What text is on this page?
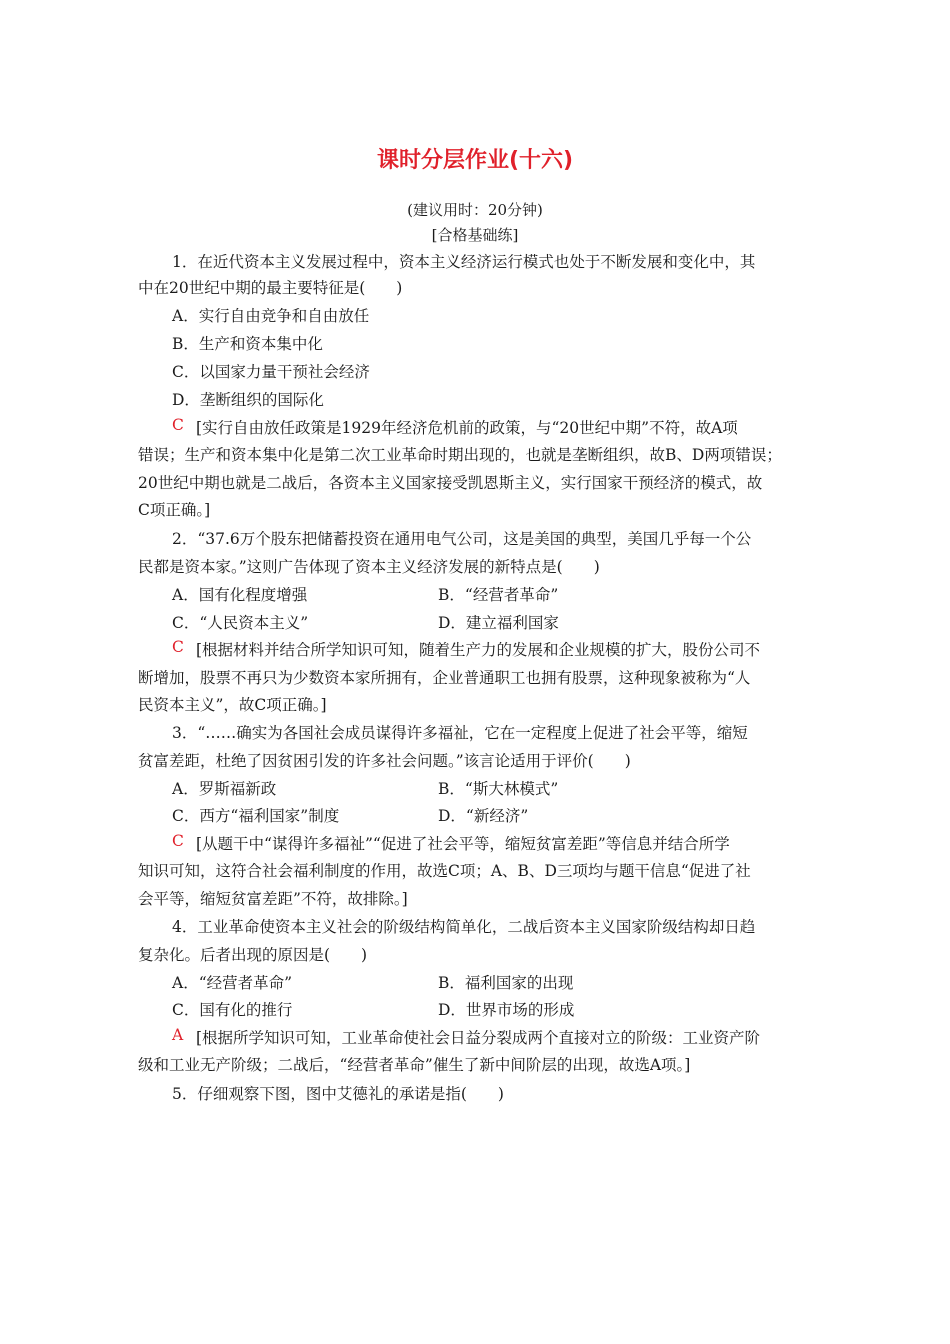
课时分层作业(十六)
(建议用时：20分钟)
[合格基础练]
1．在近代资本主义发展过程中，资本主义经济运行模式也处于不断发展和变化中，其
中在20世纪中期的最主要特征是(　　)
A．实行自由竞争和自由放任
B．生产和资本集中化
C．以国家力量干预社会经济
D．垄断组织的国际化
C [实行自由放任政策是1929年经济危机前的政策，与“20世纪中期”不符，故A项
错误；生产和资本集中化是第二次工业革命时期出现的，也就是垄断组织，故B、D两项错误；
20世纪中期也就是二战后，各资本主义国家接受凯恩斯主义，实行国家干预经济的模式，故
C项正确。]
2．“37.6万个股东把储蓄投资在通用电气公司，这是美国的典型，美国几乎每一个公
民都是资本家。”这则广告体现了资本主义经济发展的新特点是(　　)
A．国有化程度增强	B．“经营者革命”
C．“人民资本主义”	D．建立福利国家
C [根据材料并结合所学知识可知，随着生产力的发展和企业规模的扩大，股份公司不
断增加，股票不再只为少数资本家所拥有，企业普通职工也拥有股票，这种现象被称为“人
民资本主义”，故C项正确。]
3．“……确实为各国社会成员谋得许多福祉，它在一定程度上促进了社会平等，缩短
贫富差距，杜绝了因贫困引发的许多社会问题。”该言论适用于评价(　　)
A．罗斯福新政	B．“斯大林模式”
C．西方“福利国家”制度	D．“新经济”
C [从题干中“谋得许多福祉”“促进了社会平等，缩短贫富差距”等信息并结合所学
知识可知，这符合社会福利制度的作用，故选C项；A、B、D三项均与题干信息“促进了社
会平等，缩短贫富差距”不符，故排除。]
4．工业革命使资本主义社会的阶级结构简单化，二战后资本主义国家阶级结构却日趋
复杂化。后者出现的原因是(　　)
A．“经营者革命”	B．福利国家的出现
C．国有化的推行	D．世界市场的形成
A [根据所学知识可知，工业革命使社会日益分裂成两个直接对立的阶级：工业资产阶
级和工业无产阶级；二战后，“经营者革命”催生了新中间阶层的出现，故选A项。]
5．仔细观察下图，图中艾德礼的承诺是指(　　)
